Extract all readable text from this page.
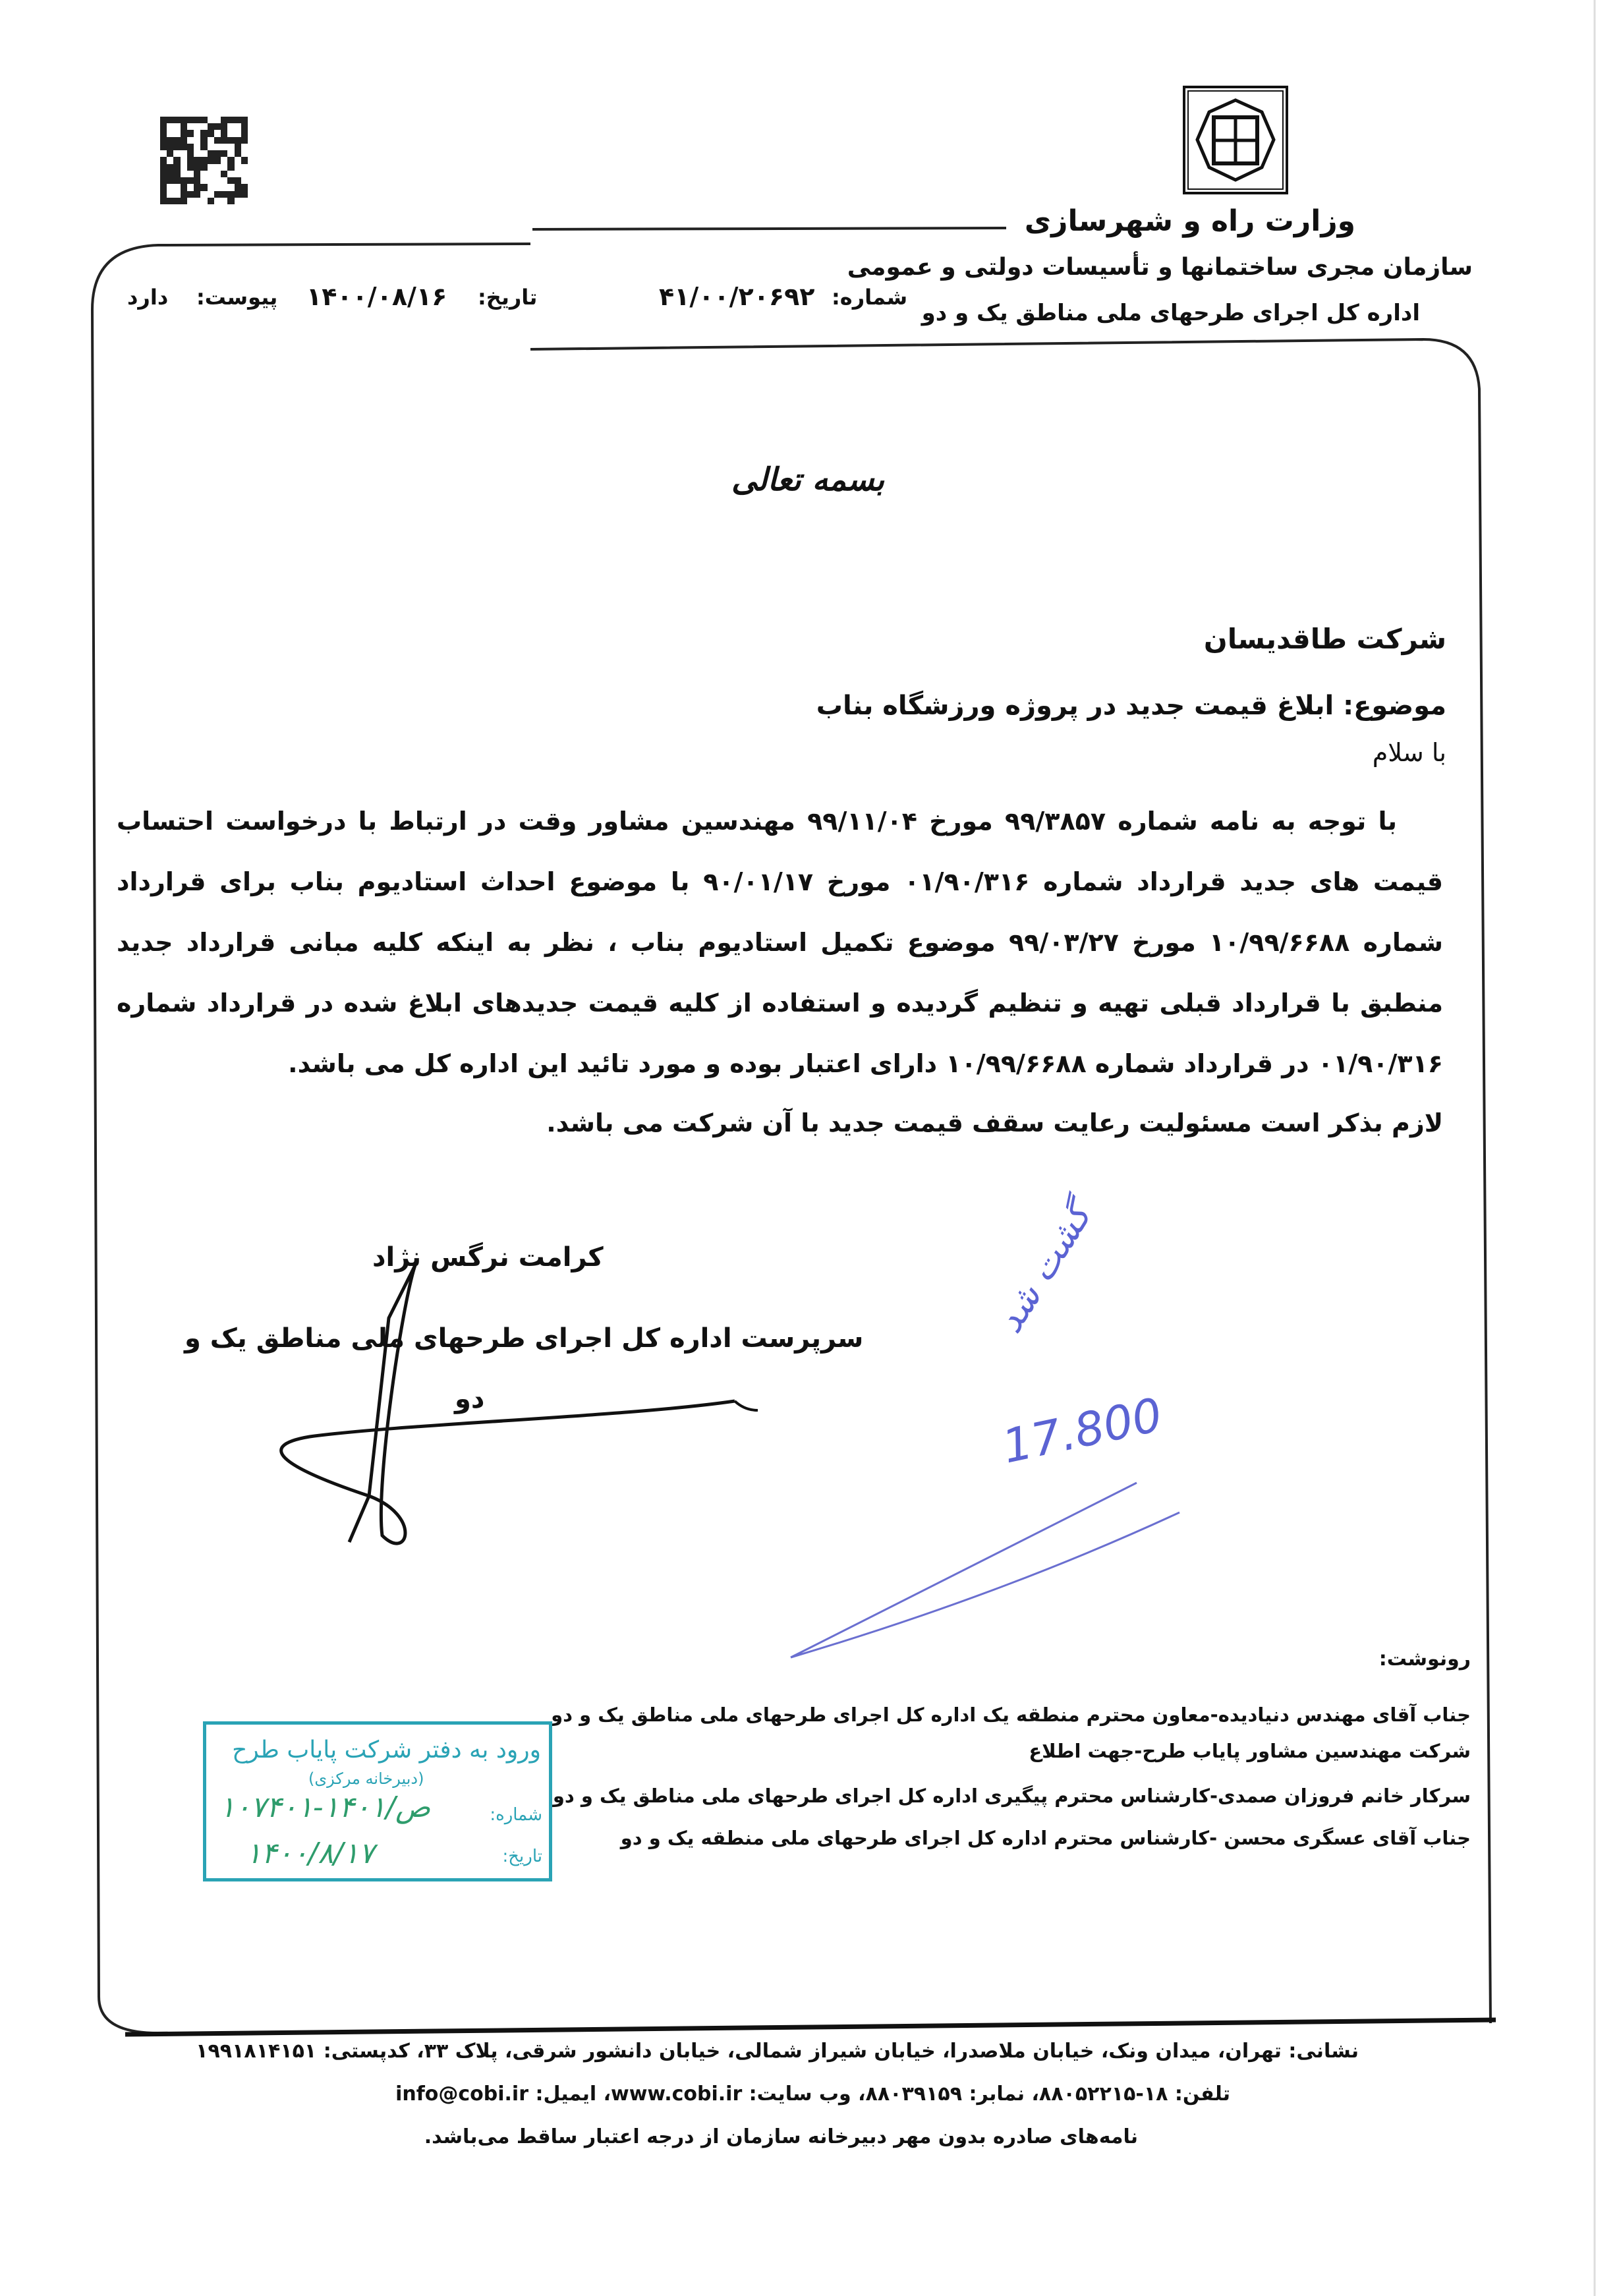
وزارت راه و شهرسازی
سازمان مجری ساختمانها و تأسیسات دولتی و عمومی
اداره کل اجرای طرحهای ملی مناطق یک و دو
شماره:
۴۱/۰۰/۲۰۶۹۲
تاریخ:
۱۴۰۰/۰۸/۱۶
پیوست:
دارد
بسمه تعالی
شرکت طاقدیسان
موضوع: ابلاغ قیمت جدید در پروژه ورزشگاه بناب
با سلام
با توجه به نامه شماره ۹۹/۳۸۵۷ مورخ ۹۹/۱۱/۰۴ مهندسین مشاور وقت در ارتباط با درخواست احتساب قیمت های جدید قرارداد شماره ۰۱/۹۰/۳۱۶ مورخ ۹۰/۰۱/۱۷ با موضوع احداث استادیوم بناب برای قرارداد شماره ۱۰/۹۹/۶۶۸۸ مورخ ۹۹/۰۳/۲۷ موضوع تکمیل استادیوم بناب ، نظر به اینکه کلیه مبانی قرارداد جدید منطبق با قرارداد قبلی تهیه و تنظیم گردیده و استفاده از کلیه قیمت جدیدهای ابلاغ شده در قرارداد شماره ۰۱/۹۰/۳۱۶ در قرارداد شماره ۱۰/۹۹/۶۶۸۸ دارای اعتبار بوده و مورد تائید این اداره کل می باشد.
لازم بذکر است مسئولیت رعایت سقف قیمت جدید با آن شرکت می باشد.
کرامت نرگس نژاد
سرپرست اداره کل اجرای طرحهای ملی مناطق یک و
دو
گشت شد
17.800
رونوشت:
جناب آقای مهندس دنیادیده-معاون محترم منطقه یک اداره کل اجرای طرحهای ملی مناطق یک و دو
شرکت مهندسین مشاور پایاب طرح-جهت اطلاع
سرکار خانم فروزان صمدی-کارشناس محترم پیگیری اداره کل اجرای طرحهای ملی مناطق یک و دو
جناب آقای عسگری محسن -کارشناس محترم اداره کل اجرای طرحهای ملی منطقه یک و دو
ورود به دفتر شرکت پایاب طرح
(دبیرخانه مرکزی)
شماره:
۱۰۷۴۰۱-ص/۱۴۰۱
تاریخ:
۱۴۰۰/۸/۱۷
نشانی: تهران، میدان ونک، خیابان ملاصدرا، خیابان شیراز شمالی، خیابان دانشور شرقی، پلاک ۳۳، کدپستی: ۱۹۹۱۸۱۴۱۵۱
تلفن: ۱۸-۸۸۰۵۲۲۱۵، نمابر: ۸۸۰۳۹۱۵۹، وب سایت: www.cobi.ir، ایمیل: info@cobi.ir
نامه‌های صادره بدون مهر دبیرخانه سازمان از درجه اعتبار ساقط می‌باشد.
